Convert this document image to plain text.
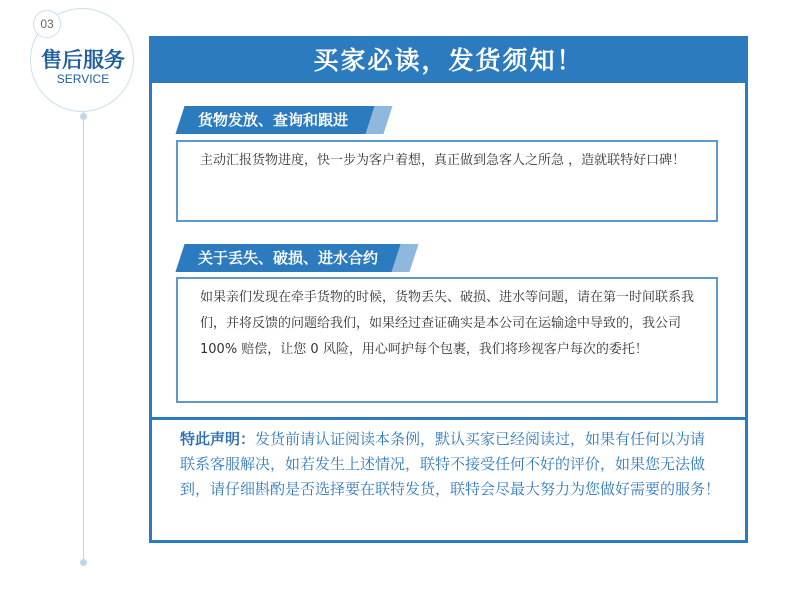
03
售后服务
SERVICE
买家必读，发货须知！
货物发放、查询和跟进
主动汇报货物进度，快一步为客户着想，真正做到急客人之所急 ，造就联特好口碑！
关于丢失、破损、进水合约
如果亲们发现在牵手货物的时候，货物丢失、破损、进水等问题，请在第一时间联系我们，并将反馈的问题给我们，如果经过查证确实是本公司在运输途中导致的，我公司 100% 赔偿，让您 0 风险，用心呵护每个包裹，我们将珍视客户每次的委托！
特此声明：发货前请认证阅读本条例，默认买家已经阅读过，如果有任何以为请联系客服解决，如若发生上述情况，联特不接受任何不好的评价，如果您无法做到，请仔细斟酌是否选择要在联特发货，联特会尽最大努力为您做好需要的服务！
